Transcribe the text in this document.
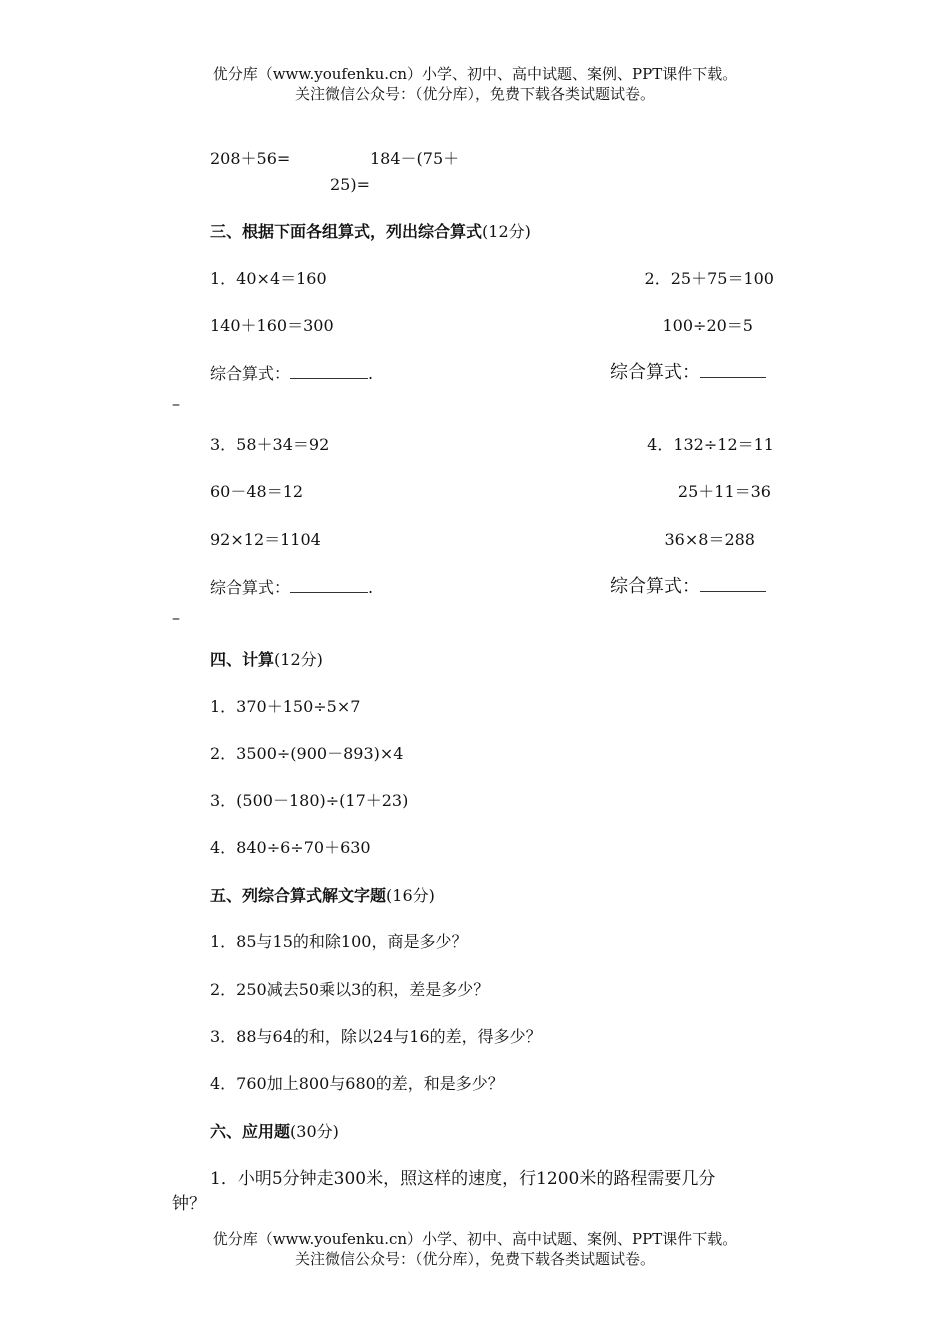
优分库（www.youfenku.cn）小学、初中、高中试题、案例、PPT课件下载。
关注微信公众号：（优分库），免费下载各类试题试卷。
208＋56=	184－(75＋
25)=
三、根据下面各组算式，列出综合算式(12分)
1．40×4＝160
140＋160＝300
综合算式：	.
2．25＋75＝100
100÷20＝5
综合算式：
–
3．58＋34＝92
60－48＝12
92×12＝1104
综合算式：	.
4．132÷12＝11
25＋11＝36
36×8＝288
综合算式：
–
四、计算(12分)
1．370＋150÷5×7
2．3500÷(900－893)×4
3．(500－180)÷(17＋23)
4．840÷6÷70＋630
五、列综合算式解文字题(16分)
1．85与15的和除100，商是多少？
2．250减去50乘以3的积，差是多少？
3．88与64的和，除以24与16的差，得多少？
4．760加上800与680的差，和是多少？
六、应用题(30分)
1．小明5分钟走300米，照这样的速度，行1200米的路程需要几分
钟？
优分库（www.youfenku.cn）小学、初中、高中试题、案例、PPT课件下载。
关注微信公众号：（优分库），免费下载各类试题试卷。
